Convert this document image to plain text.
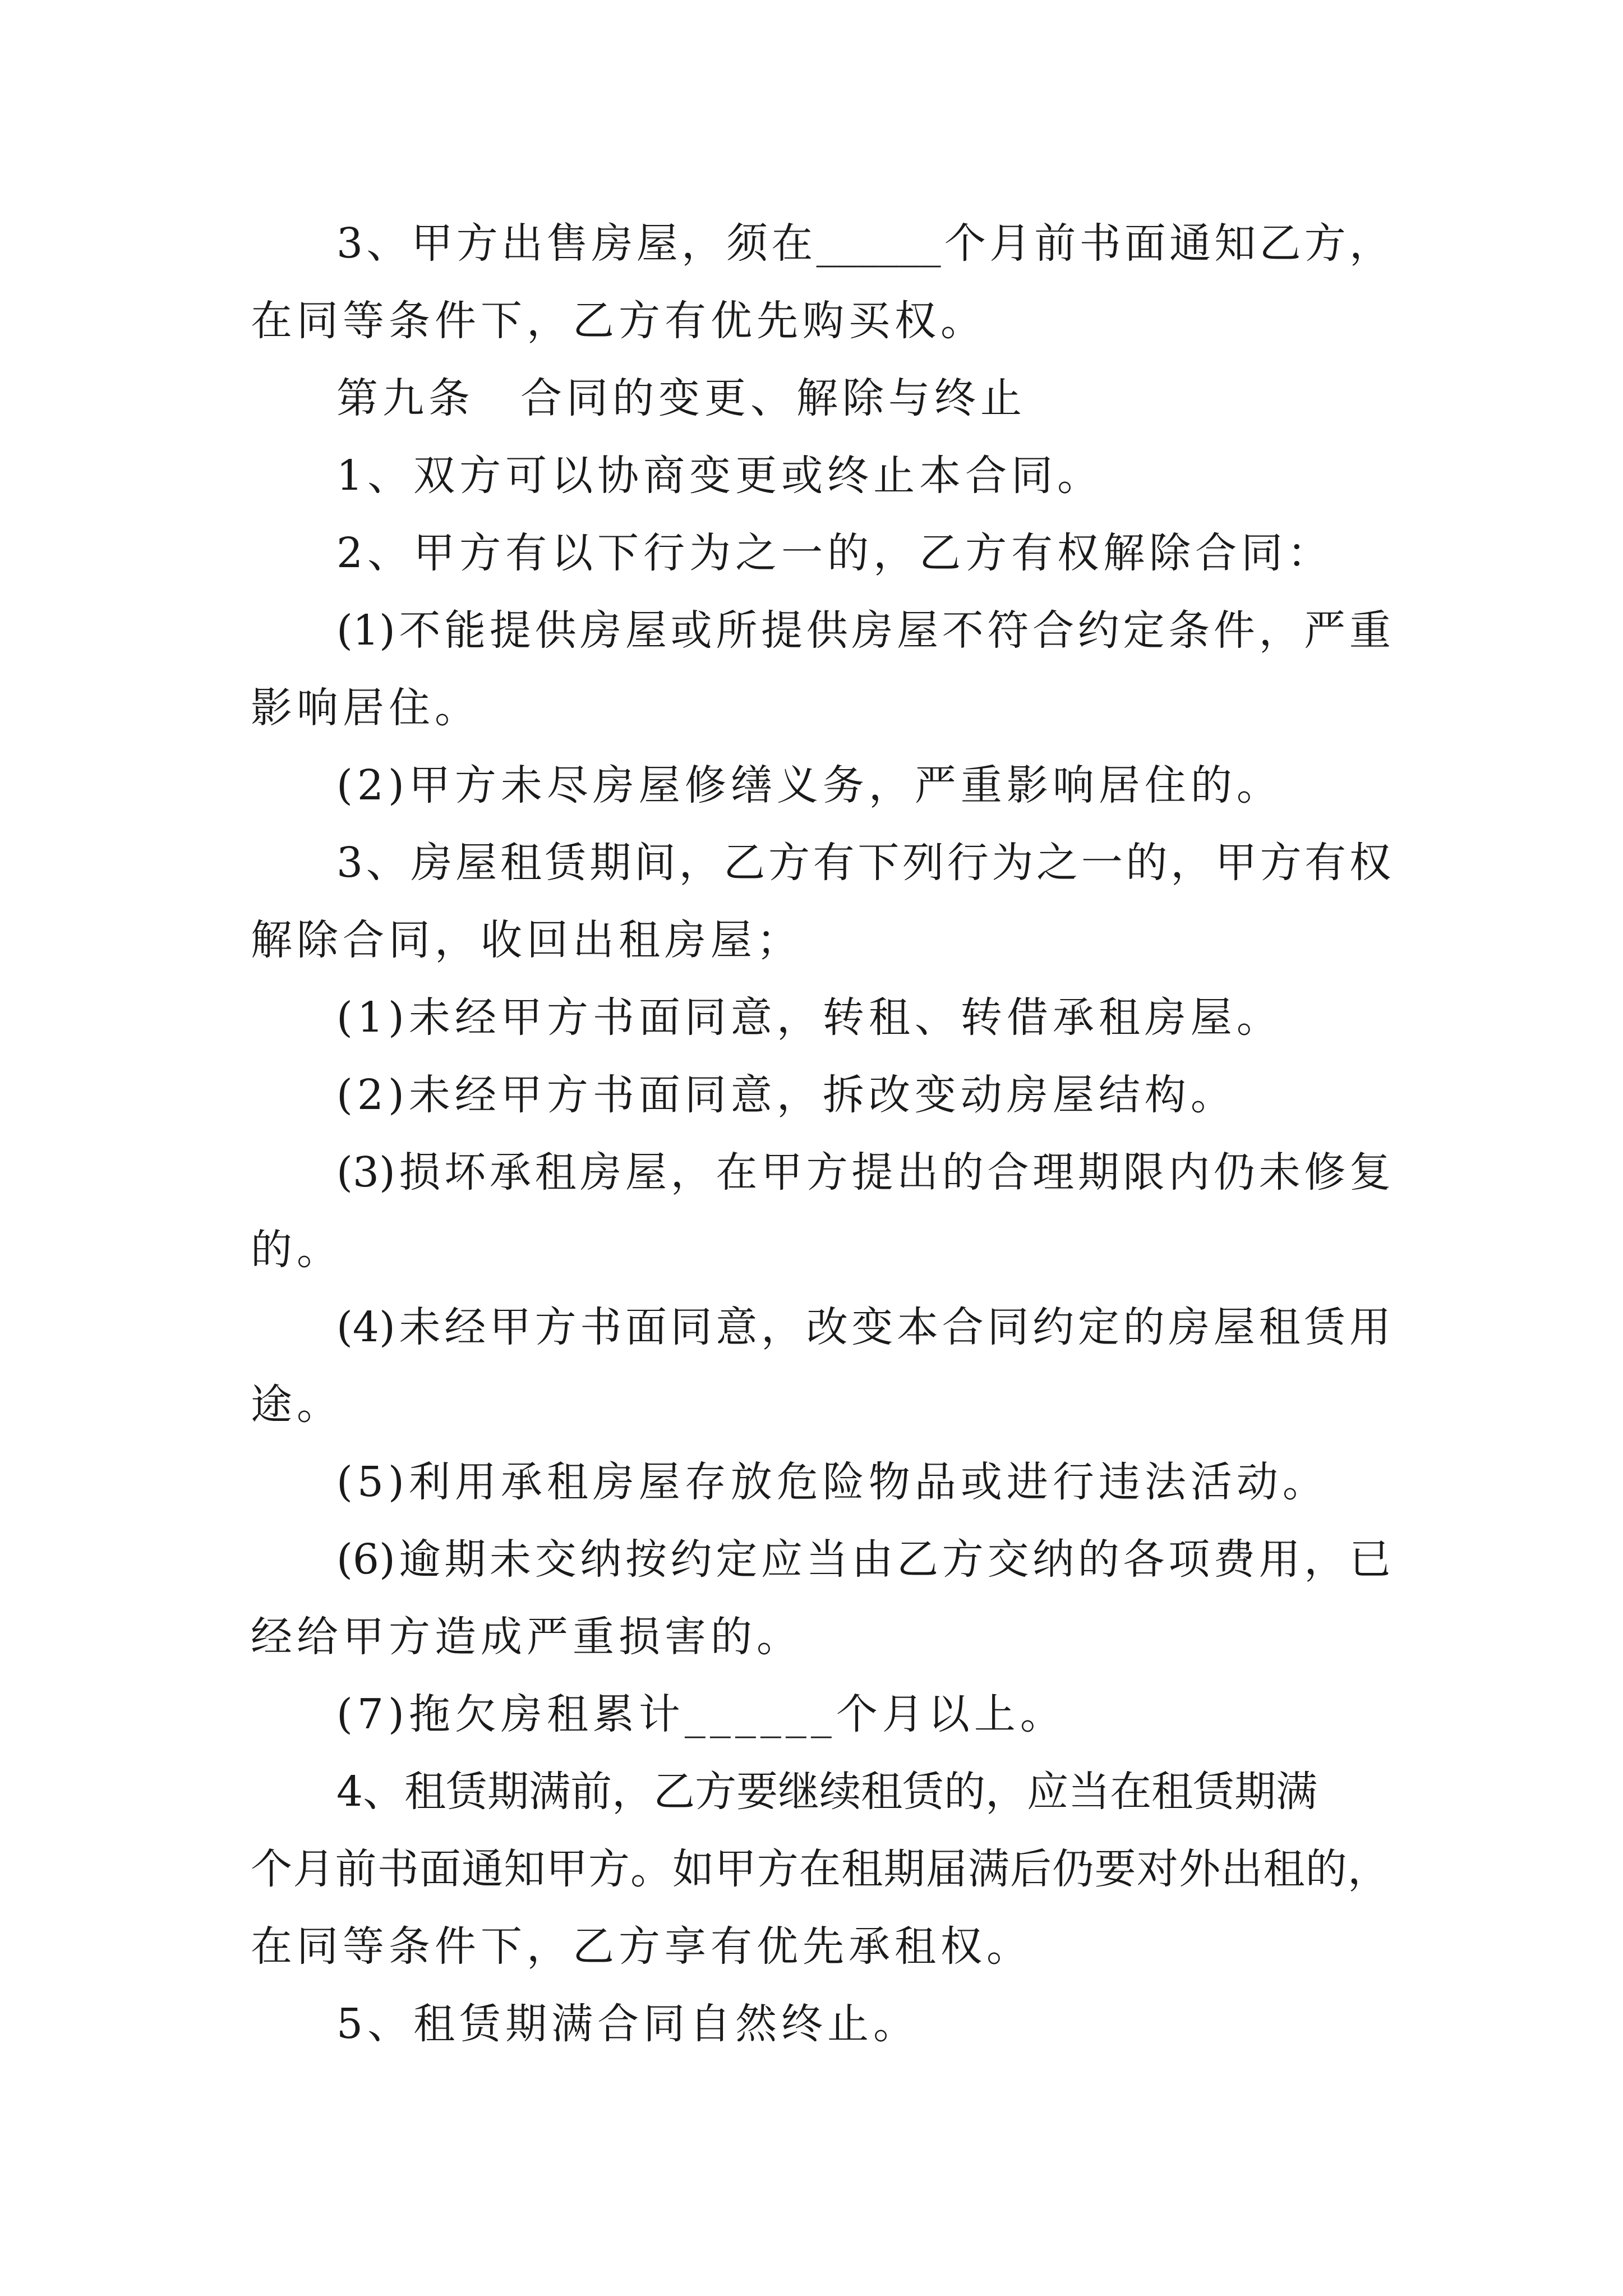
3、甲方出售房屋，须在______个月前书面通知乙方，
在同等条件下，乙方有优先购买权。
第九条　合同的变更、解除与终止
1、双方可以协商变更或终止本合同。
2、甲方有以下行为之一的，乙方有权解除合同：
(1)不能提供房屋或所提供房屋不符合约定条件，严重
影响居住。
(2)甲方未尽房屋修缮义务，严重影响居住的。
3、房屋租赁期间，乙方有下列行为之一的，甲方有权
解除合同，收回出租房屋；
(1)未经甲方书面同意，转租、转借承租房屋。
(2)未经甲方书面同意，拆改变动房屋结构。
(3)损坏承租房屋，在甲方提出的合理期限内仍未修复
的。
(4)未经甲方书面同意，改变本合同约定的房屋租赁用
途。
(5)利用承租房屋存放危险物品或进行违法活动。
(6)逾期未交纳按约定应当由乙方交纳的各项费用，已
经给甲方造成严重损害的。
(7)拖欠房租累计______个月以上。
4、租赁期满前，乙方要继续租赁的，应当在租赁期满
个月前书面通知甲方。如甲方在租期届满后仍要对外出租的，
在同等条件下，乙方享有优先承租权。
5、租赁期满合同自然终止。
